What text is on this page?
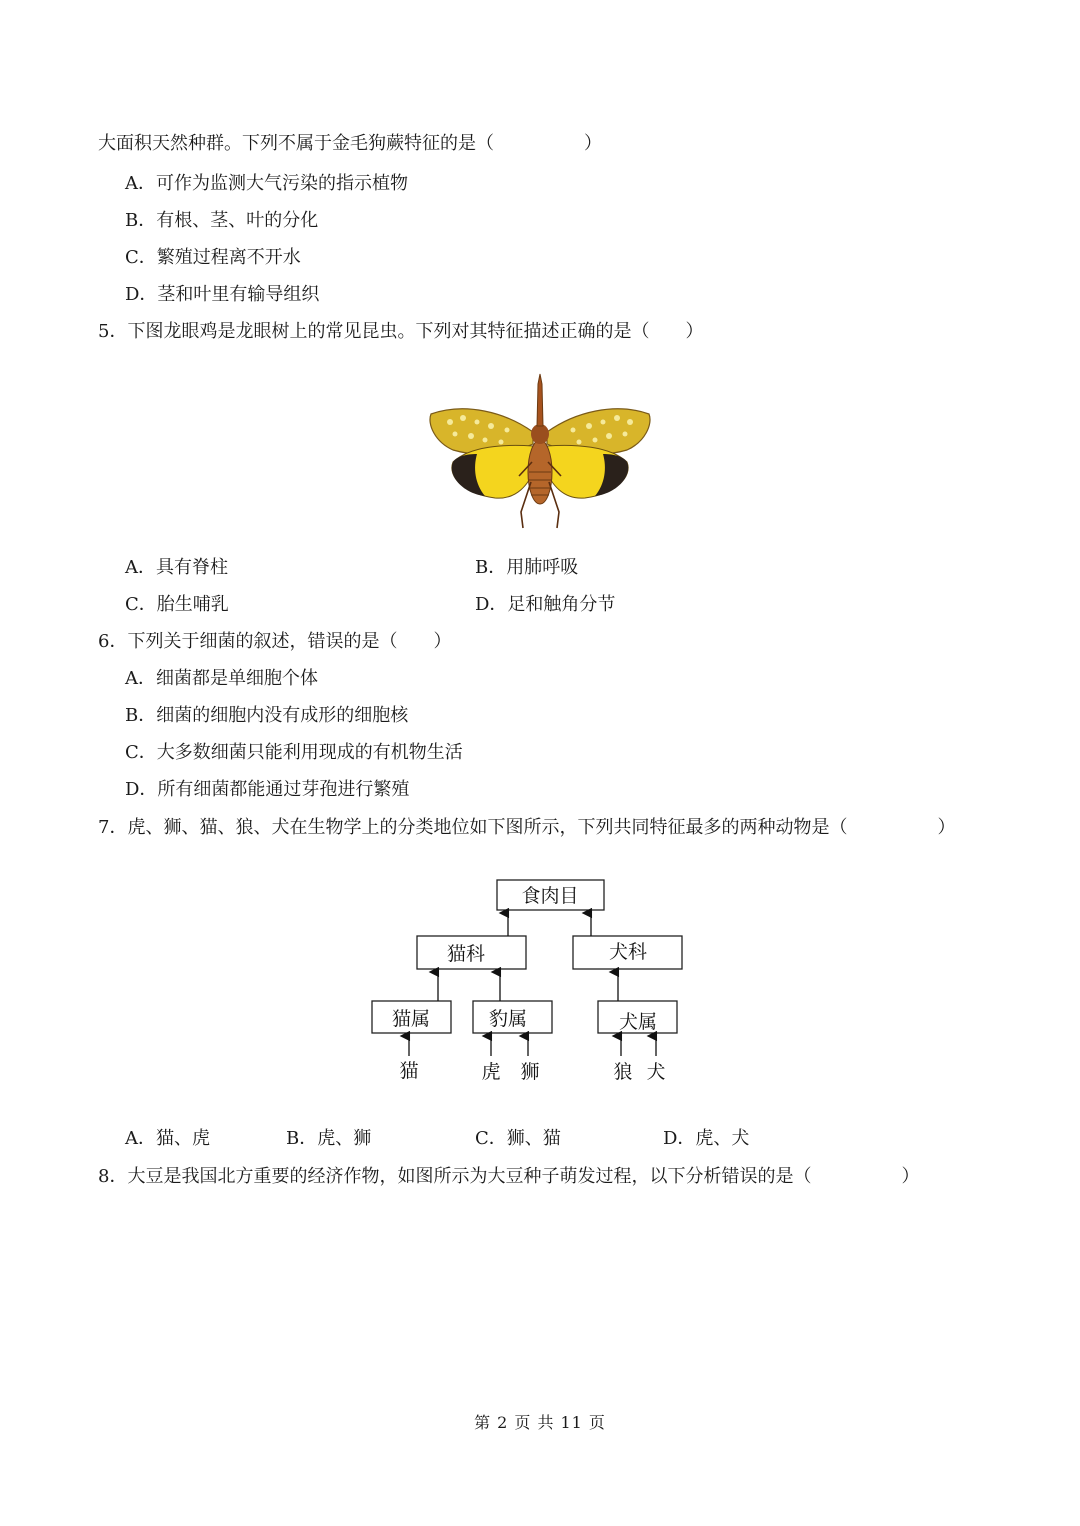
大面积天然种群。下列不属于金毛狗蕨特征的是（　　　　　）
A．可作为监测大气污染的指示植物
B．有根、茎、叶的分化
C．繁殖过程离不开水
D．茎和叶里有输导组织
5．下图龙眼鸡是龙眼树上的常见昆虫。下列对其特征描述正确的是（　　）
A．具有脊柱	B．用肺呼吸
C．胎生哺乳	D．足和触角分节
6．下列关于细菌的叙述，错误的是（　　）
A．细菌都是单细胞个体
B．细菌的细胞内没有成形的细胞核
C．大多数细菌只能利用现成的有机物生活
D．所有细菌都能通过芽孢进行繁殖
7．虎、狮、猫、狼、犬在生物学上的分类地位如下图所示，下列共同特征最多的两种动物是（　　　　　）
食肉目
猫科	犬科
猫属	豹属	犬属
猫	虎 狮	狼 犬
A．猫、虎	B．虎、狮	C．狮、猫	D．虎、犬
8．大豆是我国北方重要的经济作物，如图所示为大豆种子萌发过程，以下分析错误的是（　　　　　）
第 2 页 共 11 页
